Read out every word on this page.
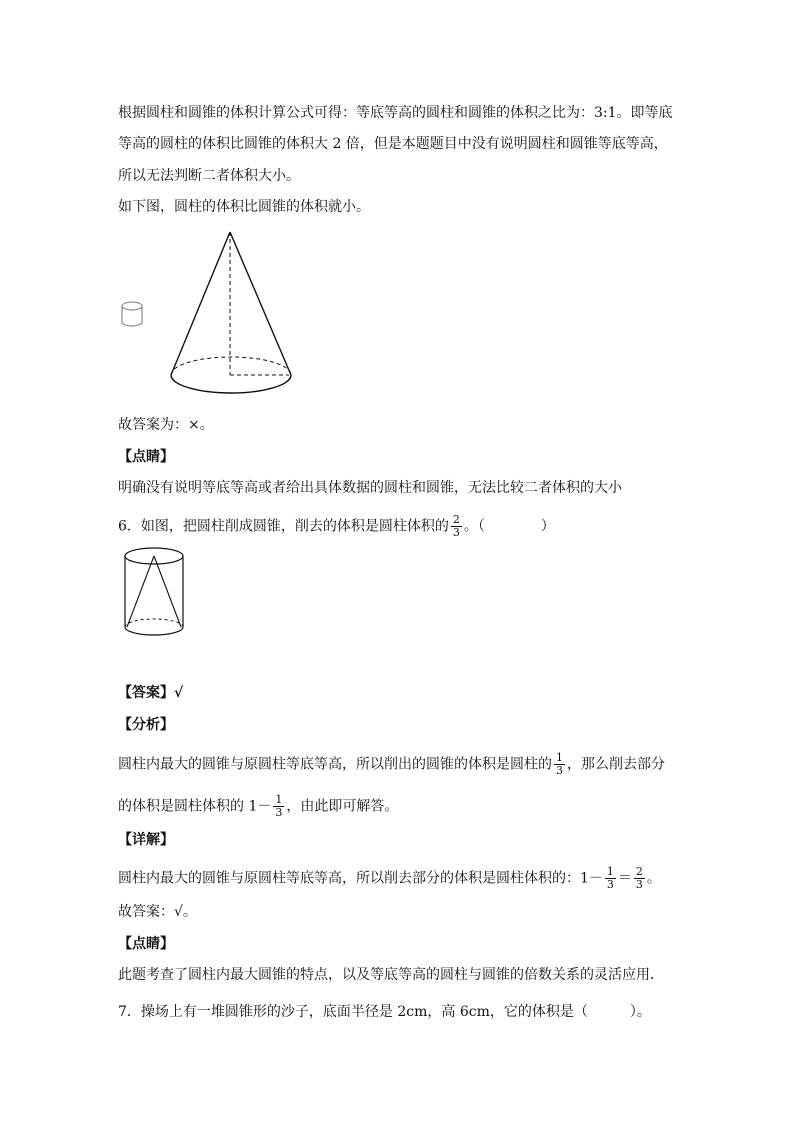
根据圆柱和圆锥的体积计算公式可得：等底等高的圆柱和圆锥的体积之比为：3:1。即等底
等高的圆柱的体积比圆锥的体积大 2 倍，但是本题题目中没有说明圆柱和圆锥等底等高，
所以无法判断二者体积大小。
如下图，圆柱的体积比圆锥的体积就小。
故答案为：×。
【点睛】
明确没有说明等底等高或者给出具体数据的圆柱和圆锥，无法比较二者体积的大小
6．如图，把圆柱削成圆锥，削去的体积是圆柱体积的 $\frac{2}{3}$ 。（　　　　）
【答案】√
【分析】
圆柱内最大的圆锥与原圆柱等底等高，所以削出的圆锥的体积是圆柱的 $\frac{1}{3}$ ，那么削去部分
的体积是圆柱体积的 $1- \frac{1}{3}$ ，由此即可解答。
【详解】
圆柱内最大的圆锥与原圆柱等底等高，所以削去部分的体积是圆柱体积的：$1- \frac{1}{3} = \frac{2}{3}$ 。
故答案：√。
【点睛】
此题考查了圆柱内最大圆锥的特点，以及等底等高的圆柱与圆锥的倍数关系的灵活应用．
7．操场上有一堆圆锥形的沙子，底面半径是 2cm，高 6cm，它的体积是（　　　）。
